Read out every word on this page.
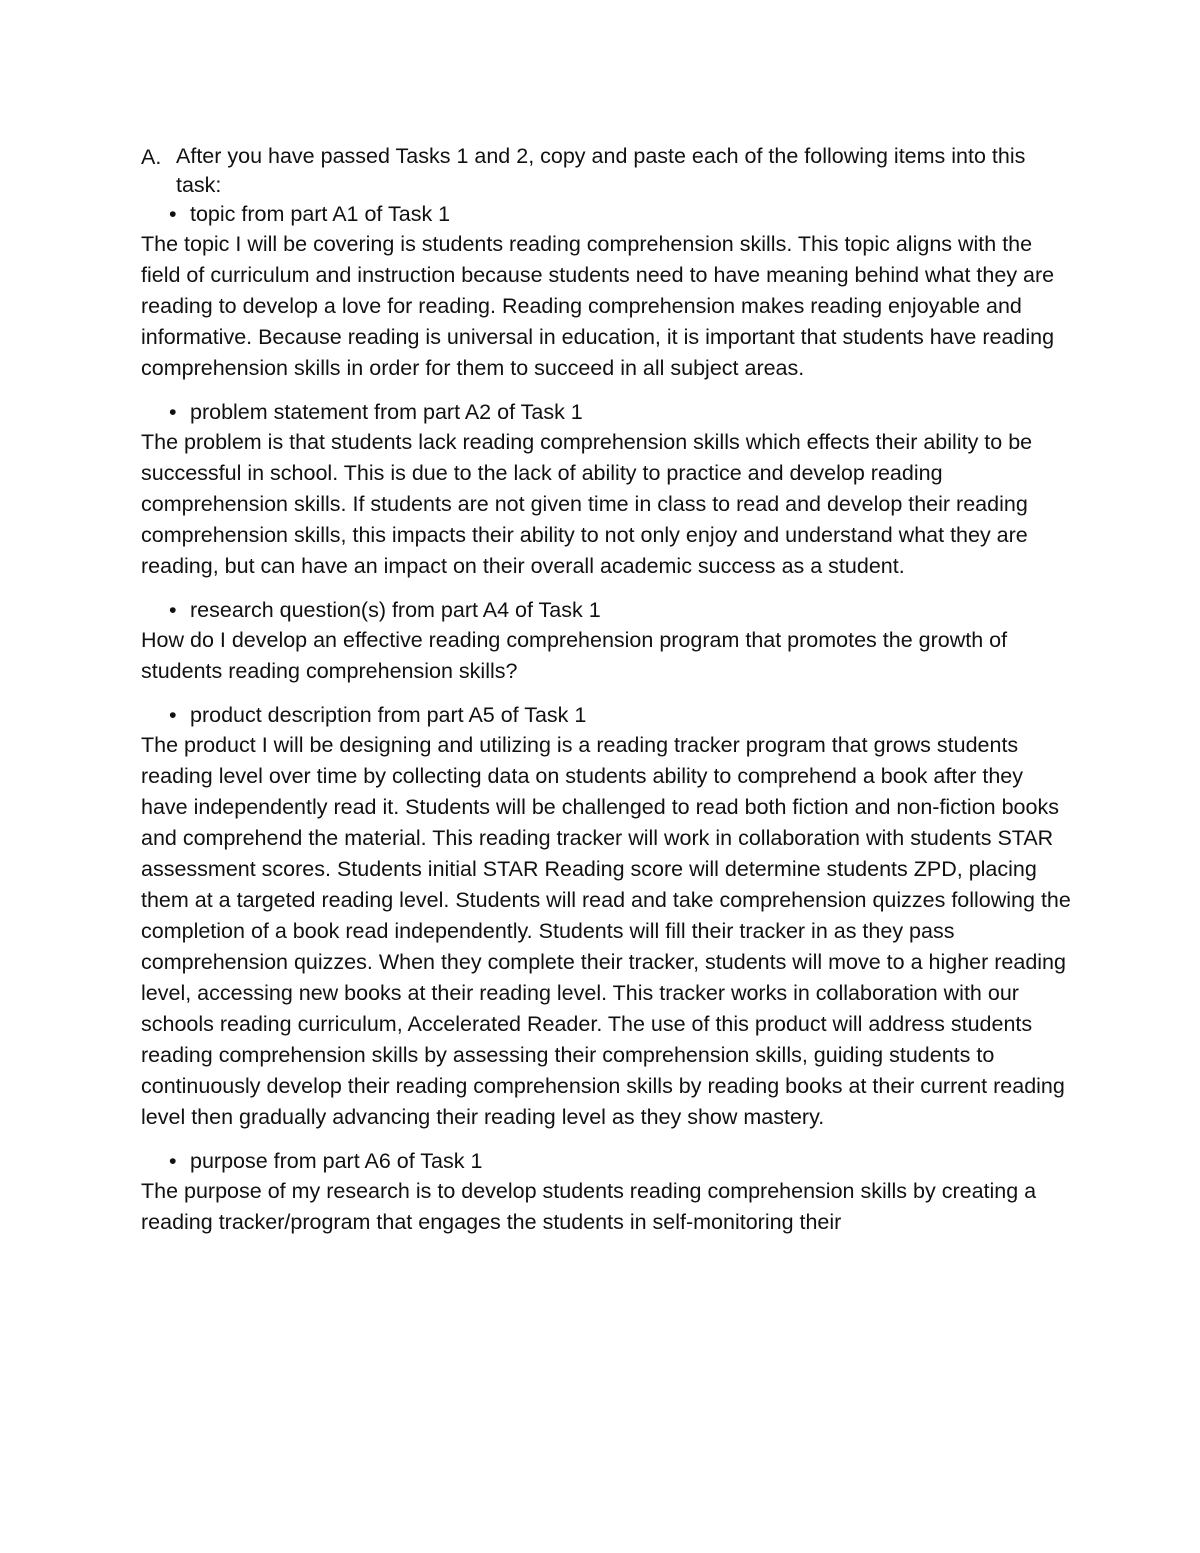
A. After you have passed Tasks 1 and 2, copy and paste each of the following items into this task:
• topic from part A1 of Task 1

The topic I will be covering is students reading comprehension skills. This topic aligns with the field of curriculum and instruction because students need to have meaning behind what they are reading to develop a love for reading. Reading comprehension makes reading enjoyable and informative. Because reading is universal in education, it is important that students have reading comprehension skills in order for them to succeed in all subject areas.

• problem statement from part A2 of Task 1

The problem is that students lack reading comprehension skills which effects their ability to be successful in school. This is due to the lack of ability to practice and develop reading comprehension skills. If students are not given time in class to read and develop their reading comprehension skills, this impacts their ability to not only enjoy and understand what they are reading, but can have an impact on their overall academic success as a student.

• research question(s) from part A4 of Task 1

How do I develop an effective reading comprehension program that promotes the growth of students reading comprehension skills?

• product description from part A5 of Task 1

The product I will be designing and utilizing is a reading tracker program that grows students reading level over time by collecting data on students ability to comprehend a book after they have independently read it. Students will be challenged to read both fiction and non-fiction books and comprehend the material. This reading tracker will work in collaboration with students STAR assessment scores. Students initial STAR Reading score will determine students ZPD, placing them at a targeted reading level. Students will read and take comprehension quizzes following the completion of a book read independently. Students will fill their tracker in as they pass comprehension quizzes. When they complete their tracker, students will move to a higher reading level, accessing new books at their reading level. This tracker works in collaboration with our schools reading curriculum, Accelerated Reader. The use of this product will address students reading comprehension skills by assessing their comprehension skills, guiding students to continuously develop their reading comprehension skills by reading books at their current reading level then gradually advancing their reading level as they show mastery.

• purpose from part A6 of Task 1

The purpose of my research is to develop students reading comprehension skills by creating a reading tracker/program that engages the students in self-monitoring their
